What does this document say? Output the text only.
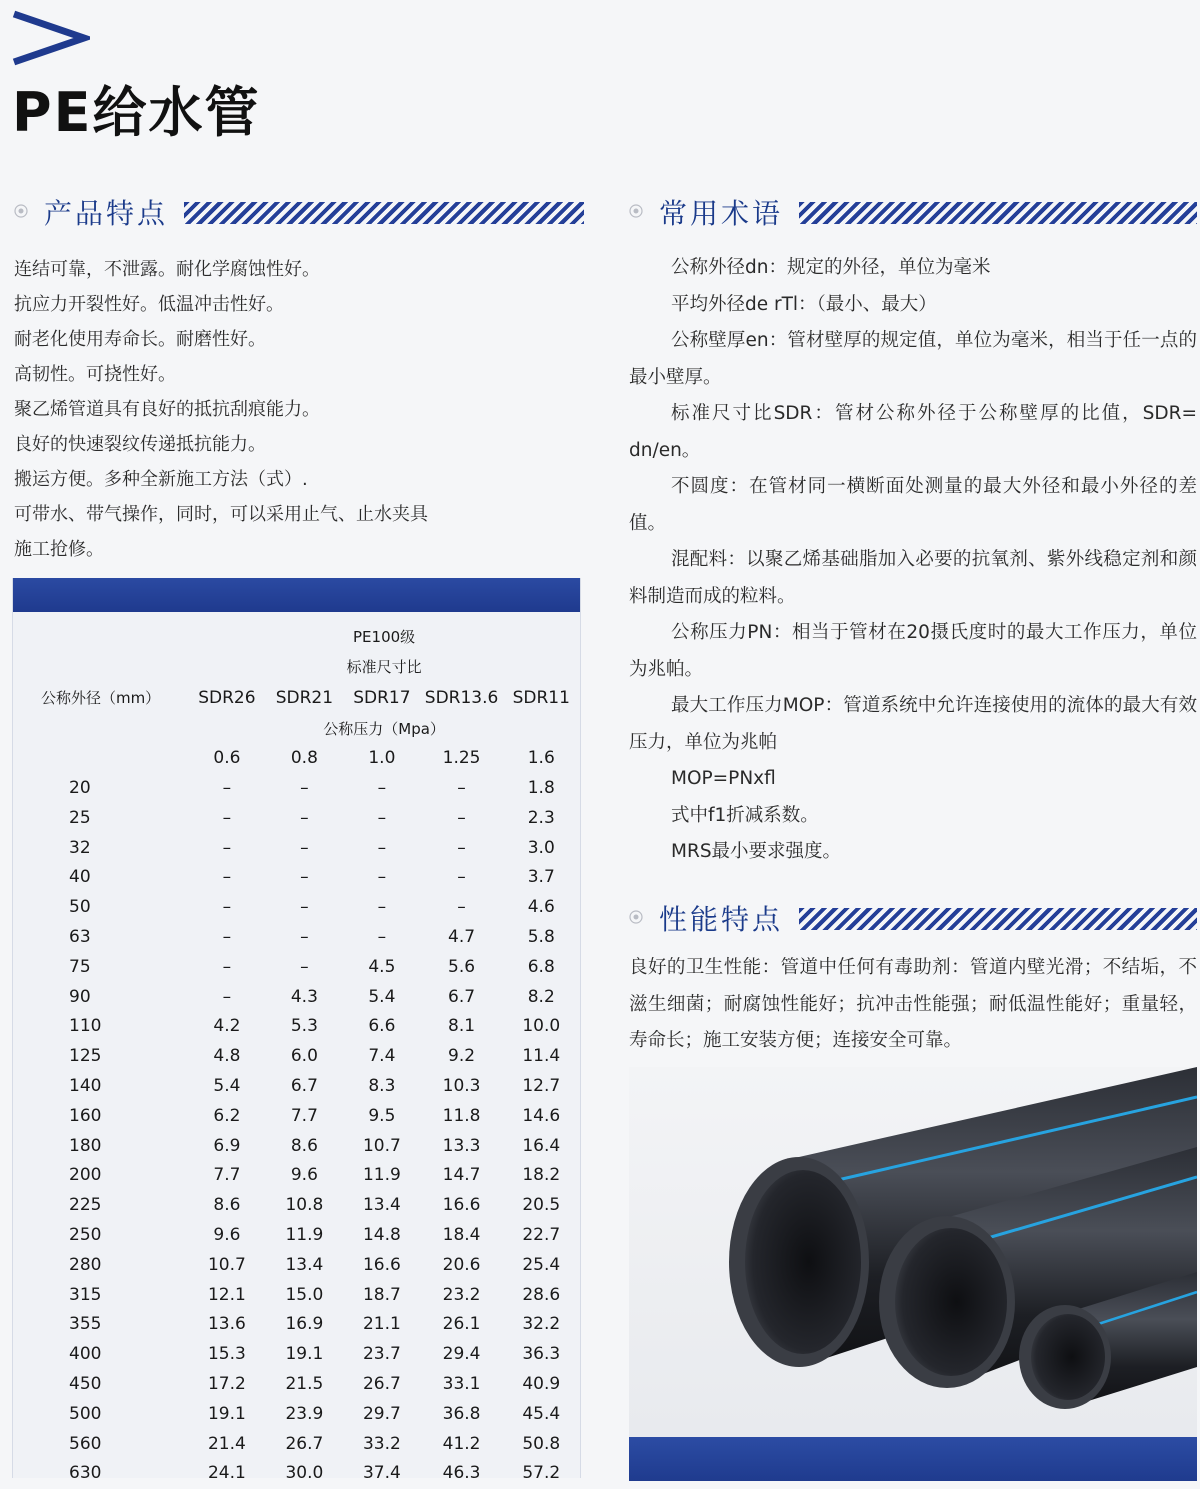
PE给水管
产品特点
连结可靠，不泄露。耐化学腐蚀性好。
抗应力开裂性好。低温冲击性好。
耐老化使用寿命长。耐磨性好。
高韧性。可挠性好。
聚乙烯管道具有良好的抵抗刮痕能力。
良好的快速裂纹传递抵抗能力。
搬运方便。多种全新施工方法（式）.
可带水、带气操作，同时，可以采用止气、止水夹具
施工抢修。
常用术语

公称外径dn：规定的外径，单位为毫米

平均外径de rTl：（最小、最大）

公称壁厚en：管材壁厚的规定值，单位为毫米，相当于任一点的最小壁厚。

标准尺寸比SDR：管材公称外径于公称壁厚的比值，SDR= dn/en。

不圆度：在管材同一横断面处测量的最大外径和最小外径的差值。

混配料：以聚乙烯基础脂加入必要的抗氧剂、紫外线稳定剂和颜料制造而成的粒料。

公称压力PN：相当于管材在20摄氏度时的最大工作压力，单位为兆帕。

最大工作压力MOP：管道系统中允许连接使用的流体的最大有效压力，单位为兆帕

MOP=PNxfl

式中f1折减系数。

MRS最小要求强度。

性能特点
良好的卫生性能：管道中任何有毒助剂：管道内壁光滑；不结垢，不滋生细菌；耐腐蚀性能好；抗冲击性能强；耐低温性能好；重量轻，寿命长；施工安装方便；连接安全可靠。
	PE100级				
	标准尺寸比				
公称外径（mm）	SDR26	SDR21	SDR17	SDR13.6	SDR11
	公称压力（Mpa）				
	0.6	0.8	1.0	1.25	1.6
20	–	–	–	–	1.8
25	–	–	–	–	2.3
32	–	–	–	–	3.0
40	–	–	–	–	3.7
50	–	–	–	–	4.6
63	–	–	–	4.7	5.8
75	–	–	4.5	5.6	6.8
90	–	4.3	5.4	6.7	8.2
110	4.2	5.3	6.6	8.1	10.0
125	4.8	6.0	7.4	9.2	11.4
140	5.4	6.7	8.3	10.3	12.7
160	6.2	7.7	9.5	11.8	14.6
180	6.9	8.6	10.7	13.3	16.4
200	7.7	9.6	11.9	14.7	18.2
225	8.6	10.8	13.4	16.6	20.5
250	9.6	11.9	14.8	18.4	22.7
280	10.7	13.4	16.6	20.6	25.4
315	12.1	15.0	18.7	23.2	28.6
355	13.6	16.9	21.1	26.1	32.2
400	15.3	19.1	23.7	29.4	36.3
450	17.2	21.5	26.7	33.1	40.9
500	19.1	23.9	29.7	36.8	45.4
560	21.4	26.7	33.2	41.2	50.8
630	24.1	30.0	37.4	46.3	57.2
